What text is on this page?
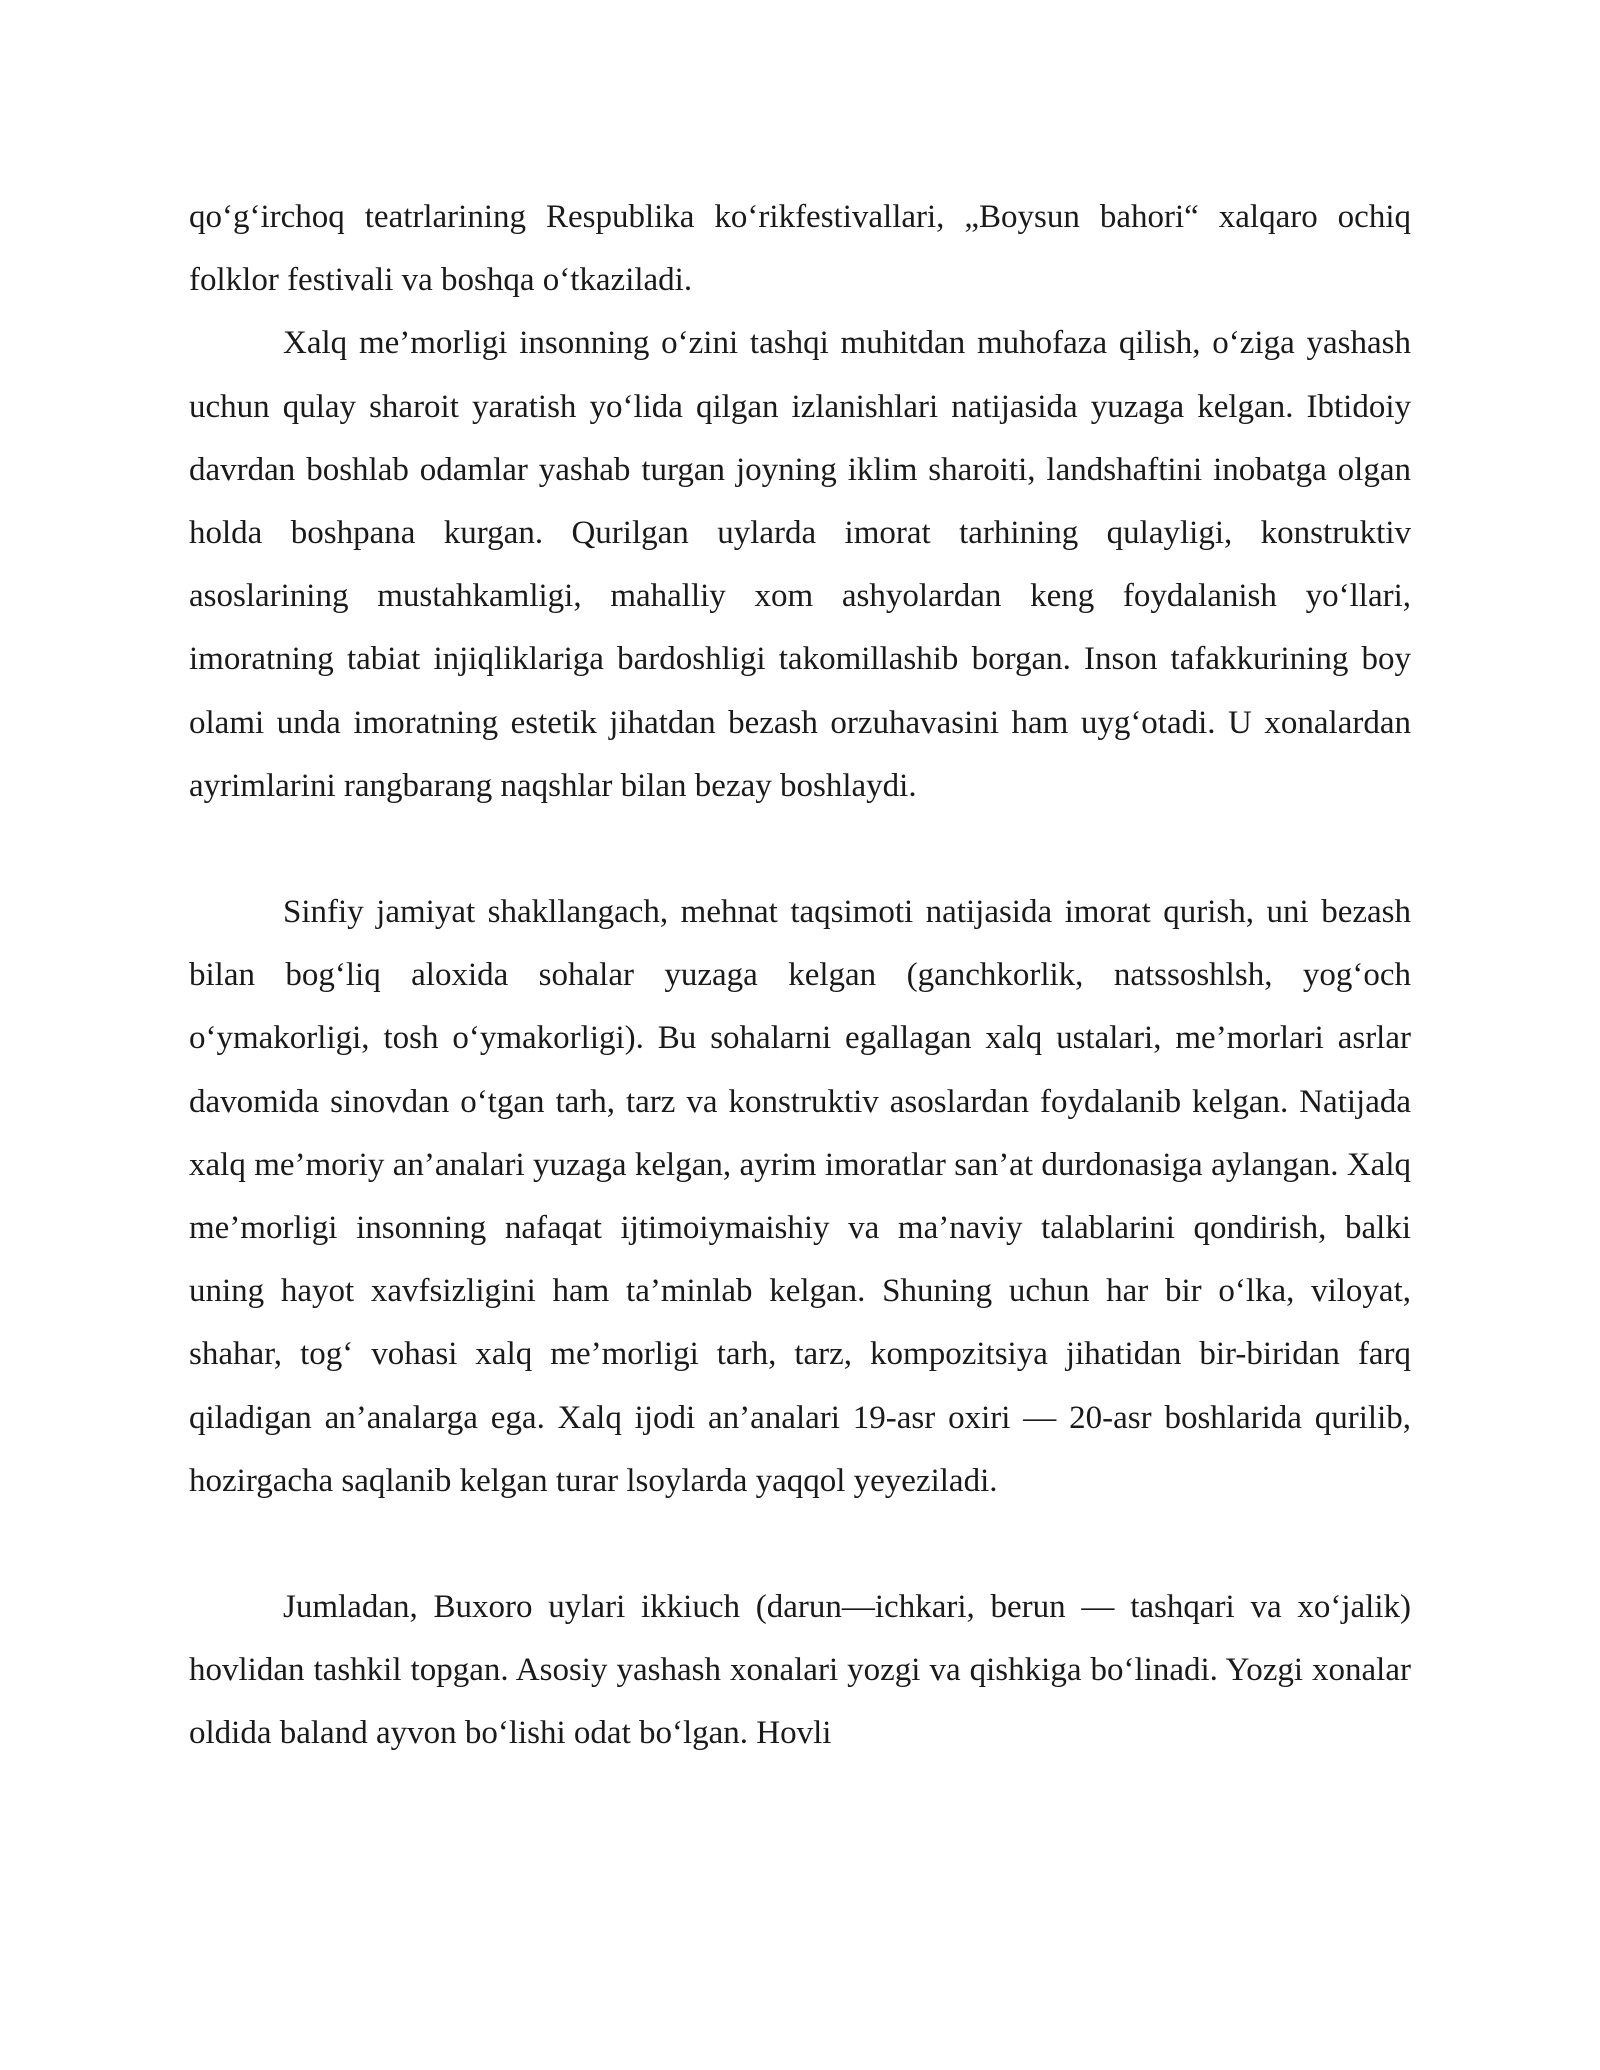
qo‘g‘irchoq teatrlarining Respublika ko‘rikfestivallari, „Boysun bahori“ xalqaro ochiq folklor festivali va boshqa o‘tkaziladi.

Xalq me’morligi insonning o‘zini tashqi muhitdan muhofaza qilish, o‘ziga yashash uchun qulay sharoit yaratish yo‘lida qilgan izlanishlari natijasida yuzaga kelgan. Ibtidoiy davrdan boshlab odamlar yashab turgan joyning iklim sharoiti, landshaftini inobatga olgan holda boshpana kurgan. Qurilgan uylarda imorat tarhining qulayligi, konstruktiv asoslarining mustahkamligi, mahalliy xom ashyolardan keng foydalanish yo‘llari, imoratning tabiat injiqliklariga bardoshligi takomillashib borgan. Inson tafakkurining boy olami unda imoratning estetik jihatdan bezash orzuhavasini ham uyg‘otadi. U xonalardan ayrimlarini rangbarang naqshlar bilan bezay boshlaydi.

Sinfiy jamiyat shakllangach, mehnat taqsimoti natijasida imorat qurish, uni bezash bilan bog‘liq aloxida sohalar yuzaga kelgan (ganchkorlik, natssoshlsh, yog‘och o‘ymakorligi, tosh o‘ymakorligi). Bu sohalarni egallagan xalq ustalari, me’morlari asrlar davomida sinovdan o‘tgan tarh, tarz va konstruktiv asoslardan foydalanib kelgan. Natijada xalq me’moriy an’analari yuzaga kelgan, ayrim imoratlar san’at durdonasiga aylangan. Xalq me’morligi insonning nafaqat ijtimoiymaishiy va ma’naviy talablarini qondirish, balki uning hayot xavfsizligini ham ta’minlab kelgan. Shuning uchun har bir o‘lka, viloyat, shahar, tog‘ vohasi xalq me’morligi tarh, tarz, kompozitsiya jihatidan bir-biridan farq qiladigan an’analarga ega. Xalq ijodi an’analari 19-asr oxiri — 20-asr boshlarida qurilib, hozirgacha saqlanib kelgan turar lsoylarda yaqqol yeyeziladi.

Jumladan, Buxoro uylari ikkiuch (darun—ichkari, berun — tashqari va xo‘jalik) hovlidan tashkil topgan. Asosiy yashash xonalari yozgi va qishkiga bo‘linadi. Yozgi xonalar oldida baland ayvon bo‘lishi odat bo‘lgan. Hovli
